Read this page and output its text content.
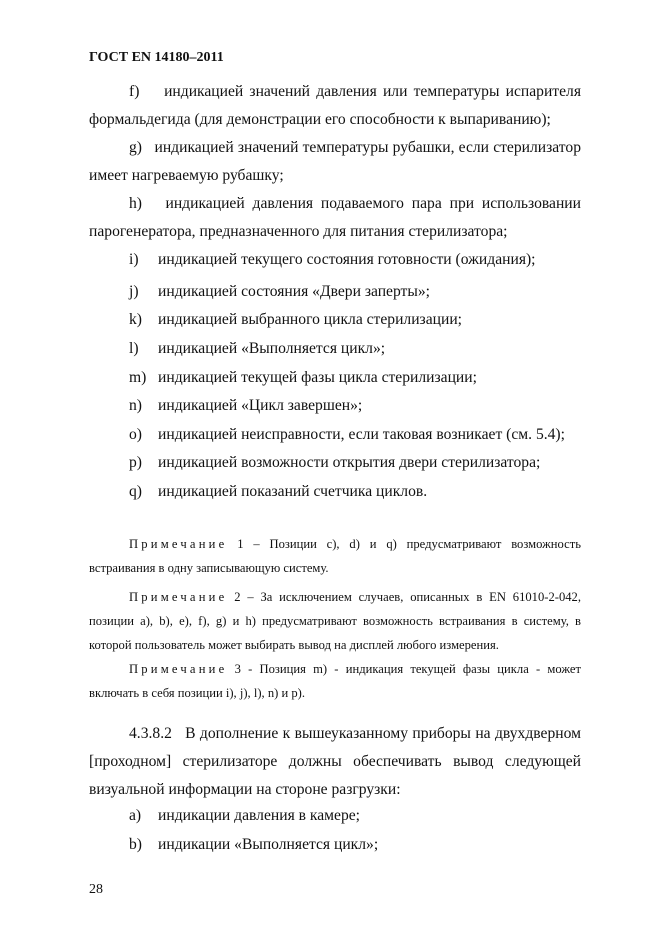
ГОСТ EN 14180–2011
f)    индикацией значений давления или температуры испарителя формальдегида (для демонстрации его способности к выпариванию);
g)   индикацией значений температуры рубашки, если стерилизатор имеет нагреваемую рубашку;
h)   индикацией давления подаваемого пара при использовании парогенератора, предназначенного для питания стерилизатора;
i) индикацией текущего состояния готовности (ожидания);
j) индикацией состояния «Двери заперты»;
k) индикацией выбранного цикла стерилизации;
l) индикацией «Выполняется цикл»;
m) индикацией текущей фазы цикла стерилизации;
n) индикацией «Цикл завершен»;
o) индикацией неисправности, если таковая возникает (см. 5.4);
p) индикацией возможности открытия двери стерилизатора;
q) индикацией показаний счетчика циклов.
Примечание 1 – Позиции c), d) и q) предусматривают возможность встраивания в одну записывающую систему.
Примечание 2 – За исключением случаев, описанных в EN 61010-2-042, позиции a), b), e), f), g) и h) предусматривают возможность встраивания в систему, в которой пользователь может выбирать вывод на дисплей любого измерения.
Примечание 3 - Позиция m) - индикация текущей фазы цикла - может включать в себя позиции i), j), l), n) и p).
4.3.8.2   В дополнение к вышеуказанному приборы на двухдверном [проходном] стерилизаторе должны обеспечивать вывод следующей визуальной информации на стороне разгрузки:
a) индикации давления в камере;
b) индикации «Выполняется цикл»;
28
